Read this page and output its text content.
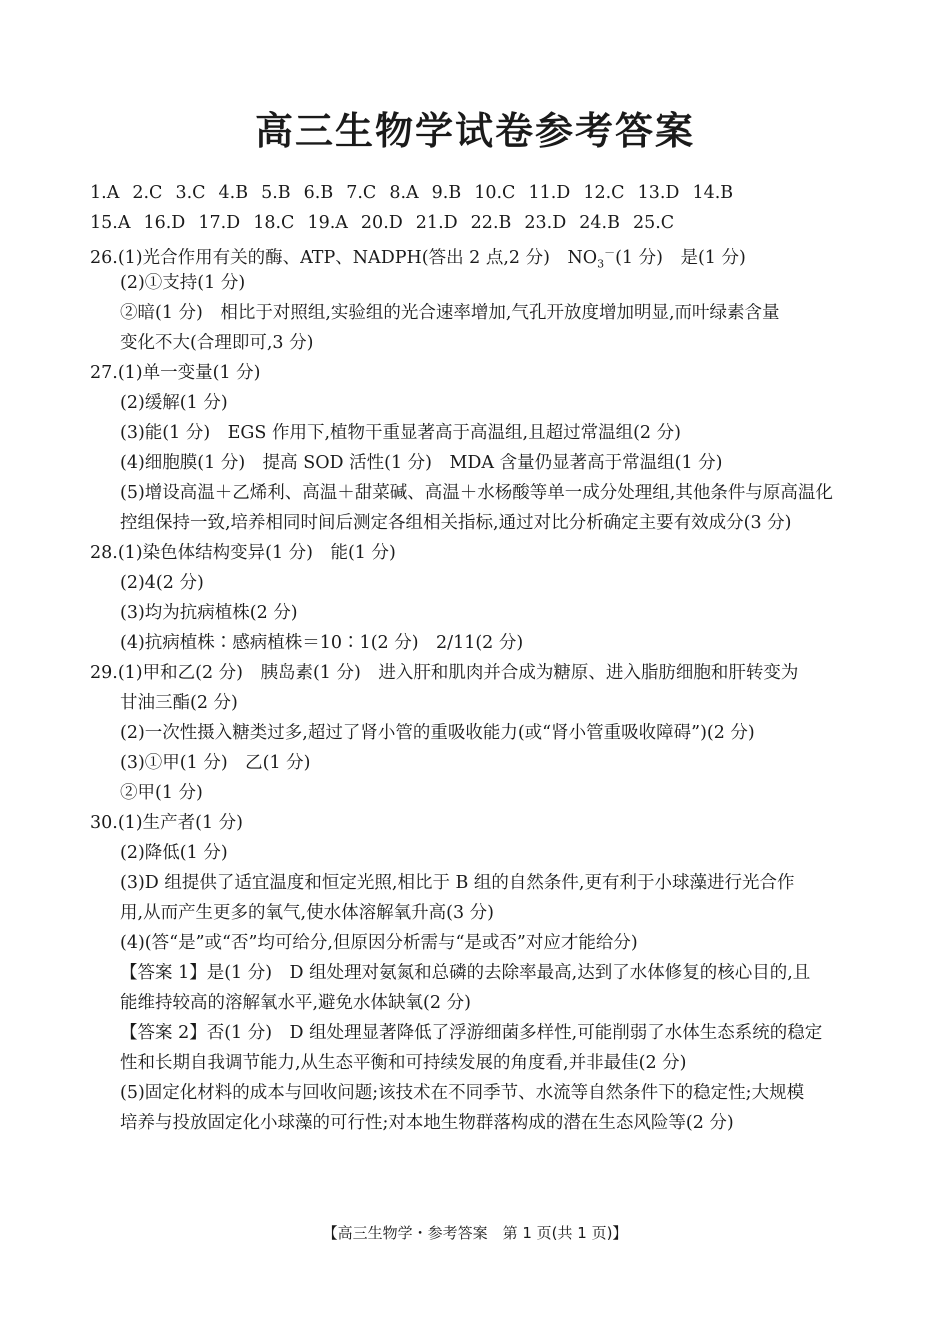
高三生物学试卷参考答案
1.A 2.C 3.C 4.B 5.B 6.B 7.C 8.A 9.B 10.C 11.D 12.C 13.D 14.B
15.A 16.D 17.D 18.C 19.A 20.D 21.D 22.B 23.D 24.B 25.C
26.(1)光合作用有关的酶、ATP、NADPH(答出 2 点,2 分)　$NO_3^-(1$ 分)　是(1 分)
(2)①支持(1 分)
②暗(1 分)　相比于对照组,实验组的光合速率增加,气孔开放度增加明显,而叶绿素含量
变化不大(合理即可,3 分)
27.(1)单一变量(1 分)
(2)缓解(1 分)
(3)能(1 分)　EGS 作用下,植物干重显著高于高温组,且超过常温组(2 分)
(4)细胞膜(1 分)　提高 SOD 活性(1 分)　MDA 含量仍显著高于常温组(1 分)
(5)增设高温＋乙烯利、高温＋甜菜碱、高温＋水杨酸等单一成分处理组,其他条件与原高温化
控组保持一致,培养相同时间后测定各组相关指标,通过对比分析确定主要有效成分(3 分)
28.(1)染色体结构变异(1 分)　能(1 分)
(2)4(2 分)
(3)均为抗病植株(2 分)
(4)抗病植株∶感病植株＝10∶1(2 分)　2/11(2 分)
29.(1)甲和乙(2 分)　胰岛素(1 分)　进入肝和肌肉并合成为糖原、进入脂肪细胞和肝转变为
甘油三酯(2 分)
(2)一次性摄入糖类过多,超过了肾小管的重吸收能力(或“肾小管重吸收障碍”)(2 分)
(3)①甲(1 分)　乙(1 分)
②甲(1 分)
30.(1)生产者(1 分)
(2)降低(1 分)
(3)D 组提供了适宜温度和恒定光照,相比于 B 组的自然条件,更有利于小球藻进行光合作
用,从而产生更多的氧气,使水体溶解氧升高(3 分)
(4)(答“是”或“否”均可给分,但原因分析需与“是或否”对应才能给分)
【答案 1】是(1 分)　D 组处理对氨氮和总磷的去除率最高,达到了水体修复的核心目的,且
能维持较高的溶解氧水平,避免水体缺氧(2 分)
【答案 2】否(1 分)　D 组处理显著降低了浮游细菌多样性,可能削弱了水体生态系统的稳定
性和长期自我调节能力,从生态平衡和可持续发展的角度看,并非最佳(2 分)
(5)固定化材料的成本与回收问题;该技术在不同季节、水流等自然条件下的稳定性;大规模
培养与投放固定化小球藻的可行性;对本地生物群落构成的潜在生态风险等(2 分)
【高三生物学・参考答案　第 1 页(共 1 页)】
